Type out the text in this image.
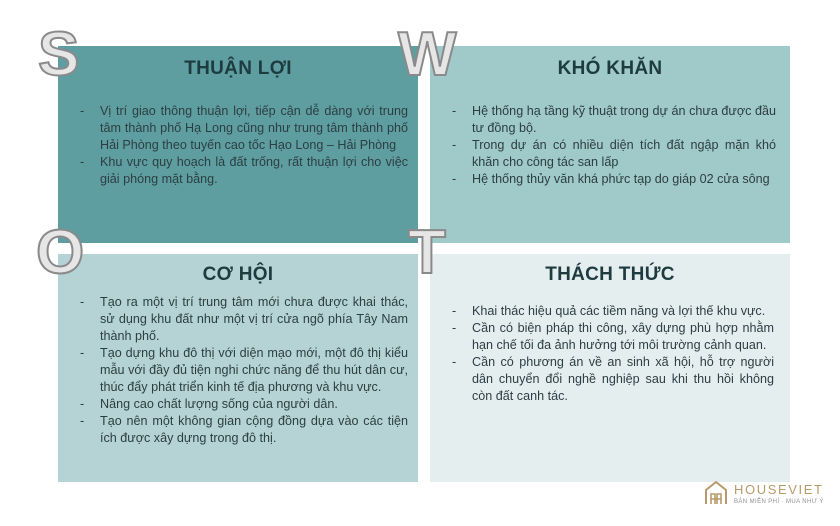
THUẬN LỢI
- Vị trí giao thông thuận lợi, tiếp cận dễ dàng với trung tâm thành phố Hạ Long cũng như trung tâm thành phố Hải Phòng theo tuyến cao tốc Hạo Long – Hải Phòng
- Khu vực quy hoạch là đất trống, rất thuận lợi cho việc giải phóng mặt bằng.
KHÓ KHĂN
- Hệ thống hạ tầng kỹ thuật trong dự án chưa được đầu tư đồng bộ.
- Trong dự án có nhiều diện tích đất ngập mặn khó khăn cho công tác san lấp
- Hệ thống thủy văn khá phức tạp do giáp 02 cửa sông
CƠ HỘI
- Tạo ra một vị trí trung tâm mới chưa được khai thác, sử dụng khu đất như một vị trí cửa ngõ phía Tây Nam thành phố.
- Tạo dựng khu đô thị với diện mạo mới, một đô thị kiểu mẫu với đầy đủ tiện nghi chức năng để thu hút dân cư, thúc đẩy phát triển kinh tế địa phương và khu vực.
- Nâng cao chất lượng sống của người dân.
- Tạo nên một không gian cộng đồng dựa vào các tiện ích được xây dựng trong đô thị.
THÁCH THỨC
- Khai thác hiệu quả các tiềm năng và lợi thế khu vực.
- Cần có biện pháp thi công, xây dựng phù hợp nhằm hạn chế tối đa ảnh hưởng tới môi trường cảnh quan.
- Cần có phương án về an sinh xã hội, hỗ trợ người dân chuyển đổi nghề nghiệp sau khi thu hồi không còn đất canh tác.
S	W
O	T
HOUSEVIET
BÁN MIỄN PHÍ · MUA NHƯ Ý
